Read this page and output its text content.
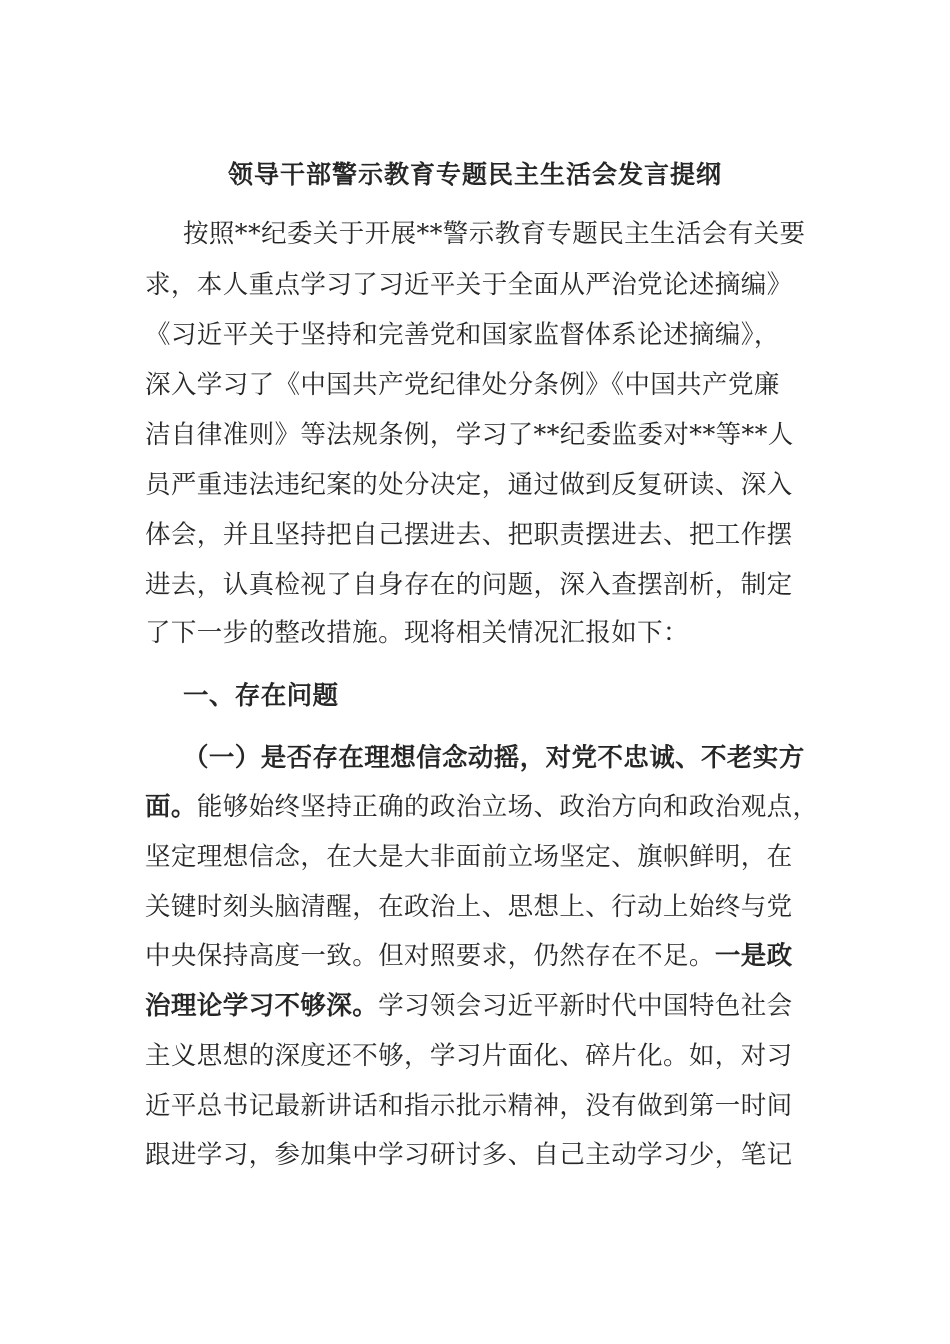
领导干部警示教育专题民主生活会发言提纲
按照**纪委关于开展**警示教育专题民主生活会有关要
求，本人重点学习了习近平关于全面从严治党论述摘编》
《习近平关于坚持和完善党和国家监督体系论述摘编》，
深入学习了《中国共产党纪律处分条例》《中国共产党廉
洁自律准则》等法规条例，学习了**纪委监委对**等**人
员严重违法违纪案的处分决定，通过做到反复研读、深入
体会，并且坚持把自己摆进去、把职责摆进去、把工作摆
进去，认真检视了自身存在的问题，深入查摆剖析，制定
了下一步的整改措施。现将相关情况汇报如下：
一、存在问题
（一）是否存在理想信念动摇，对党不忠诚、不老实方
面。能够始终坚持正确的政治立场、政治方向和政治观点，
坚定理想信念，在大是大非面前立场坚定、旗帜鲜明，在
关键时刻头脑清醒，在政治上、思想上、行动上始终与党
中央保持高度一致。但对照要求，仍然存在不足。一是政
治理论学习不够深。学习领会习近平新时代中国特色社会
主义思想的深度还不够，学习片面化、碎片化。如，对习
近平总书记最新讲话和指示批示精神，没有做到第一时间
跟进学习，参加集中学习研讨多、自己主动学习少，笔记
